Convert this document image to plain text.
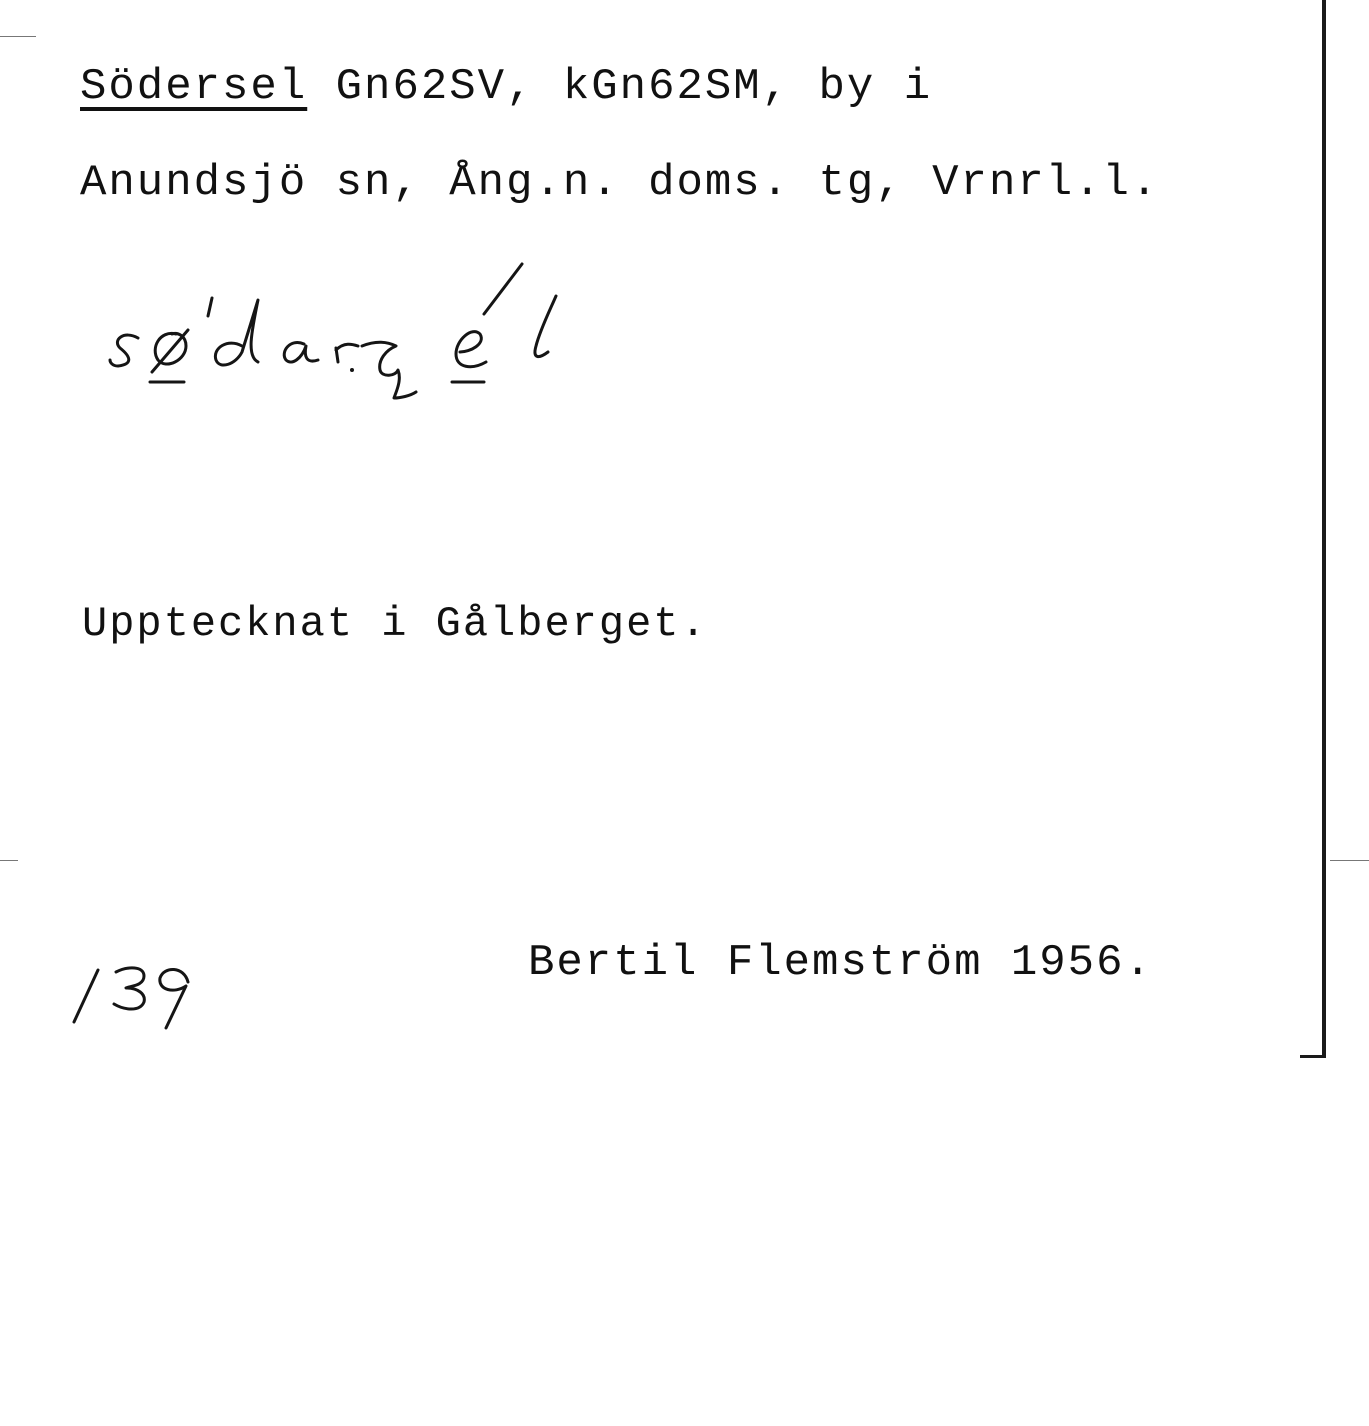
Södersel Gn62SV, kGn62SM, by i
Anundsjö sn, Ång.n. doms. tg, Vrnrl.l.
Upptecknat i Gålberget.
Bertil Flemström 1956.
